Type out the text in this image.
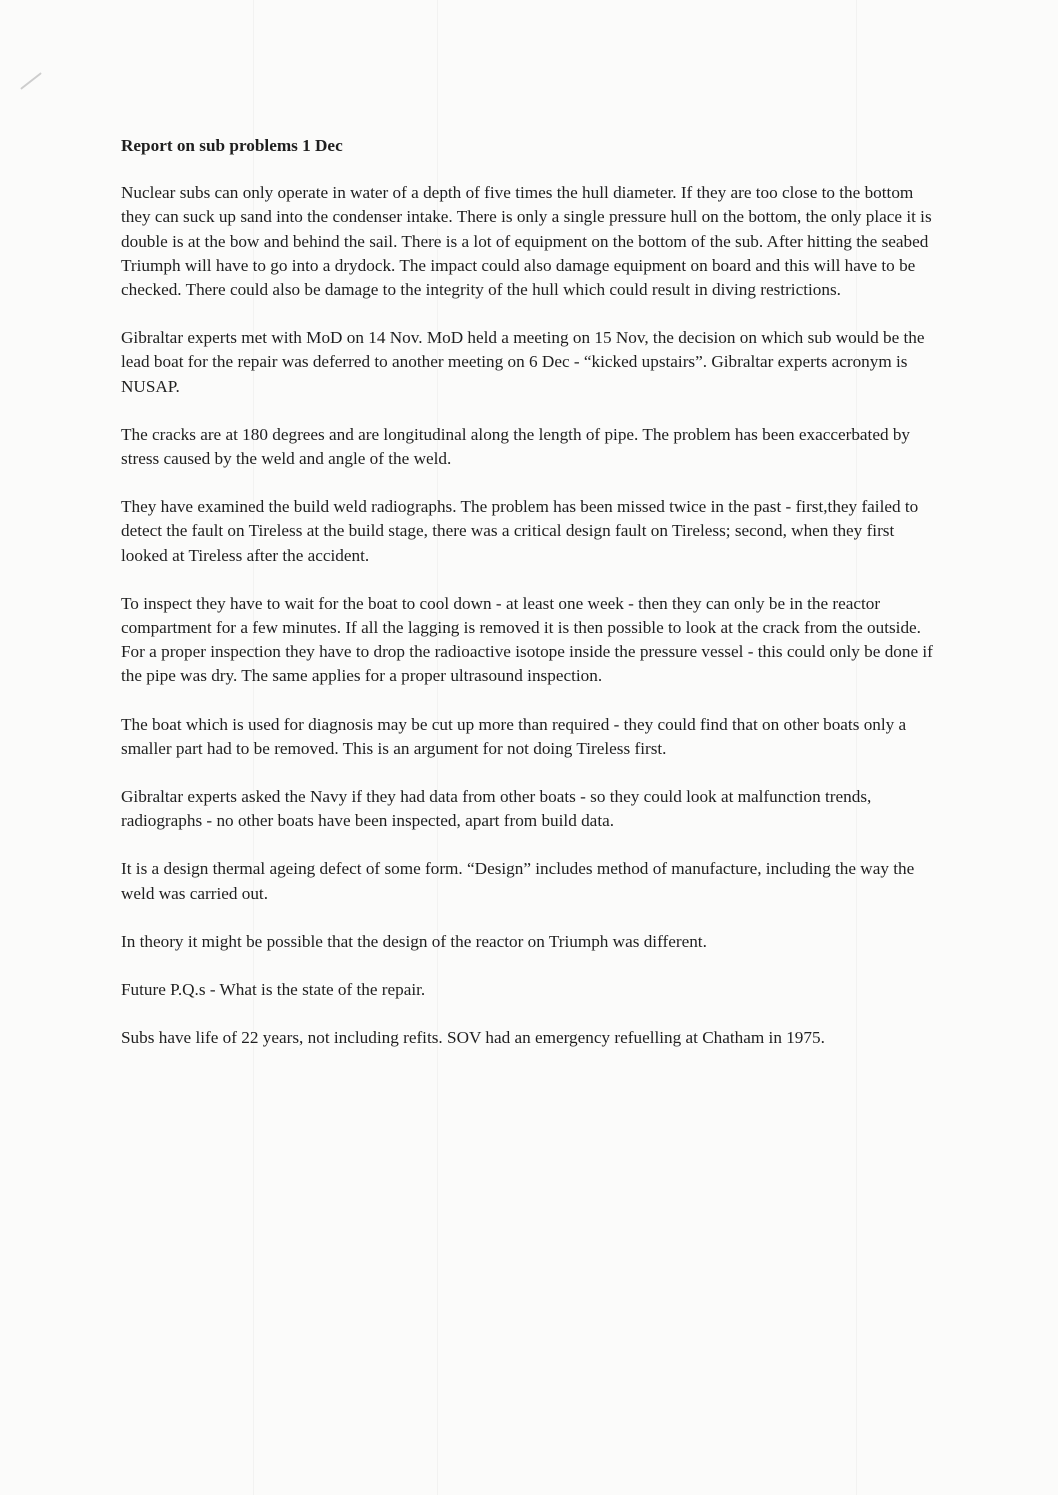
Report on sub problems 1 Dec

Nuclear subs can only operate in water of a depth of five times the hull diameter. If they are too close to the bottom they can suck up sand into the condenser intake. There is only a single pressure hull on the bottom, the only place it is double is at the bow and behind the sail. There is a lot of equipment on the bottom of the sub. After hitting the seabed Triumph will have to go into a drydock. The impact could also damage equipment on board and this will have to be checked. There could also be damage to the integrity of the hull which could result in diving restrictions.

Gibraltar experts met with MoD on 14 Nov. MoD held a meeting on 15 Nov, the decision on which sub would be the lead boat for the repair was deferred to another meeting on 6 Dec - “kicked upstairs”. Gibraltar experts acronym is NUSAP.

The cracks are at 180 degrees and are longitudinal along the length of pipe. The problem has been exaccerbated by stress caused by the weld and angle of the weld.

They have examined the build weld radiographs. The problem has been missed twice in the past - first,they failed to detect the fault on Tireless at the build stage, there was a critical design fault on Tireless; second, when they first looked at Tireless after the accident.

To inspect they have to wait for the boat to cool down - at least one week - then they can only be in the reactor compartment for a few minutes. If all the lagging is removed it is then possible to look at the crack from the outside. For a proper inspection they have to drop the radioactive isotope inside the pressure vessel - this could only be done if the pipe was dry. The same applies for a proper ultrasound inspection.

The boat which is used for diagnosis may be cut up more than required - they could find that on other boats only a smaller part had to be removed. This is an argument for not doing Tireless first.

Gibraltar experts asked the Navy if they had data from other boats - so they could look at malfunction trends, radiographs - no other boats have been inspected, apart from build data.

It is a design thermal ageing defect of some form. “Design” includes method of manufacture, including the way the weld was carried out.

In theory it might be possible that the design of the reactor on Triumph was different.

Future P.Q.s - What is the state of the repair.

Subs have life of 22 years, not including refits. SOV had an emergency refuelling at Chatham in 1975.
